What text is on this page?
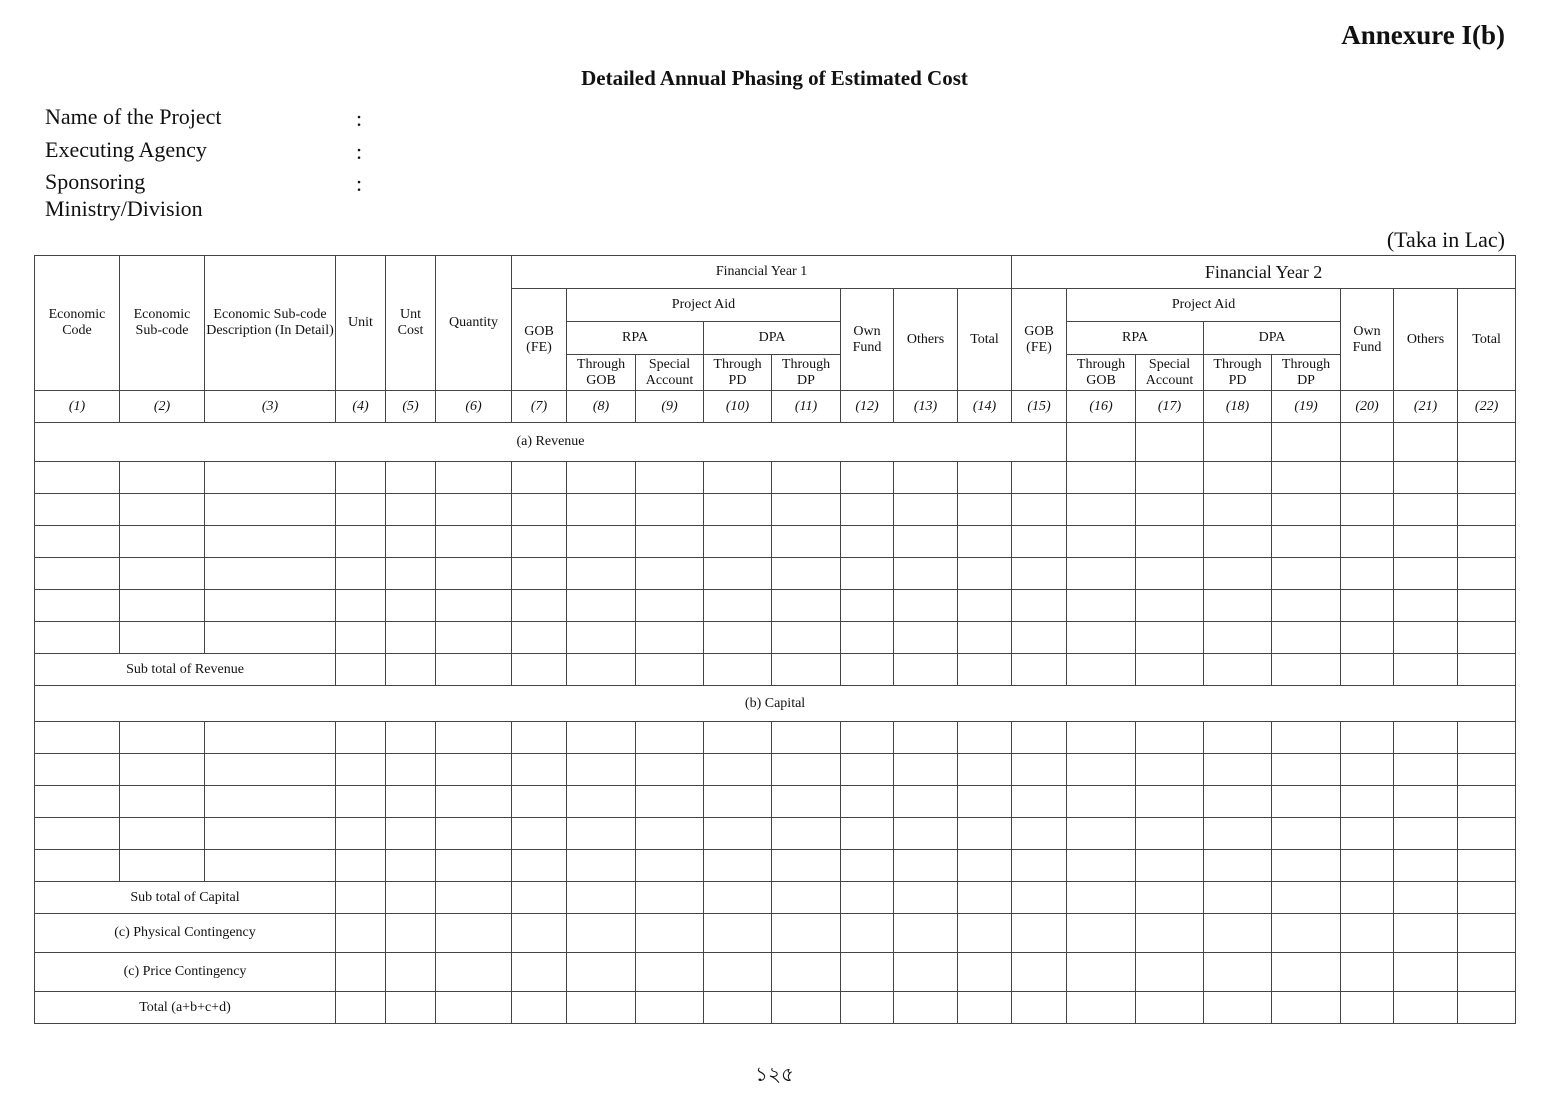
Annexure I(b)
Detailed Annual Phasing of Estimated Cost
Name of the Project	:
Executing Agency	:
Sponsoring
Ministry/Division
:
(Taka in Lac)
Economic Code	Economic Sub-code	Economic Sub-code Description (In Detail)	Unit	Unt Cost	Quantity	Financial Year 1								Financial Year 2							
						GOB (FE)	Project Aid				Own Fund	Others	Total	GOB (FE)	Project Aid				Own Fund	Others	Total
							RPA		DPA						RPA		DPA				
							Through GOB	Special Account	Through PD	Through DP					Through GOB	Special Account	Through PD	Through DP			
(1)	(2)	(3)	(4)	(5)	(6)	(7)	(8)	(9)	(10)	(11)	(12)	(13)	(14)	(15)	(16)	(17)	(18)	(19)	(20)	(21)	(22)
(a) Revenue																					

Sub total of Revenue																					
(b) Capital																					

Sub total of Capital																					
(c) Physical Contingency																					
(c) Price Contingency																					
Total (a+b+c+d)																					
১২৫
